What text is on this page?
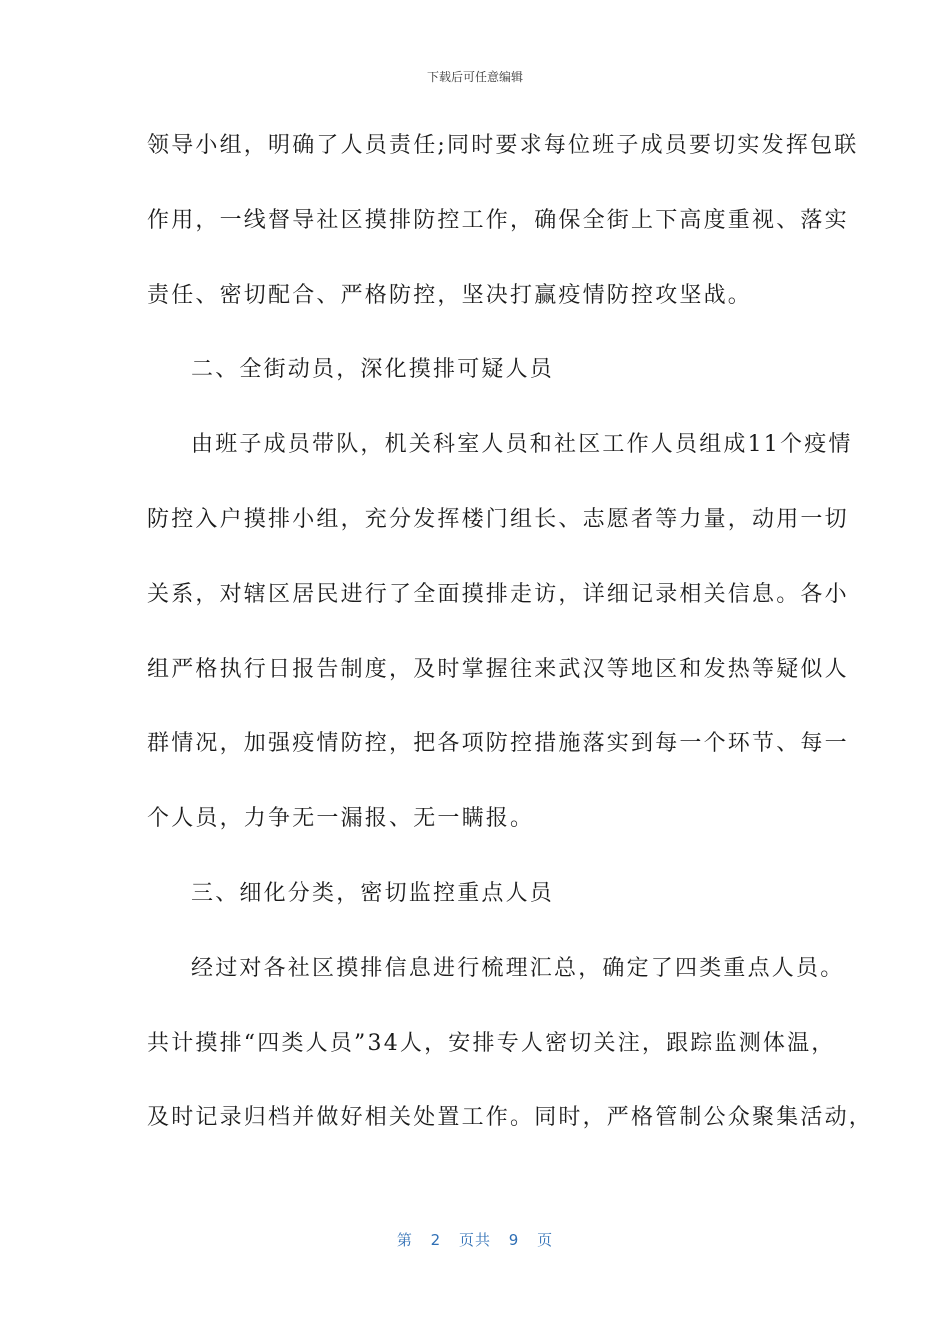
下载后可任意编辑
领导小组，明确了人员责任;同时要求每位班子成员要切实发挥包联
作用，一线督导社区摸排防控工作，确保全街上下高度重视、落实
责任、密切配合、严格防控，坚决打赢疫情防控攻坚战。
二、全街动员，深化摸排可疑人员
由班子成员带队，机关科室人员和社区工作人员组成11个疫情
防控入户摸排小组，充分发挥楼门组长、志愿者等力量，动用一切
关系，对辖区居民进行了全面摸排走访，详细记录相关信息。各小
组严格执行日报告制度，及时掌握往来武汉等地区和发热等疑似人
群情况，加强疫情防控，把各项防控措施落实到每一个环节、每一
个人员，力争无一漏报、无一瞒报。
三、细化分类，密切监控重点人员
经过对各社区摸排信息进行梳理汇总，确定了四类重点人员。
共计摸排“四类人员”34人，安排专人密切关注，跟踪监测体温，
及时记录归档并做好相关处置工作。同时，严格管制公众聚集活动，
第 2 页共 9 页
